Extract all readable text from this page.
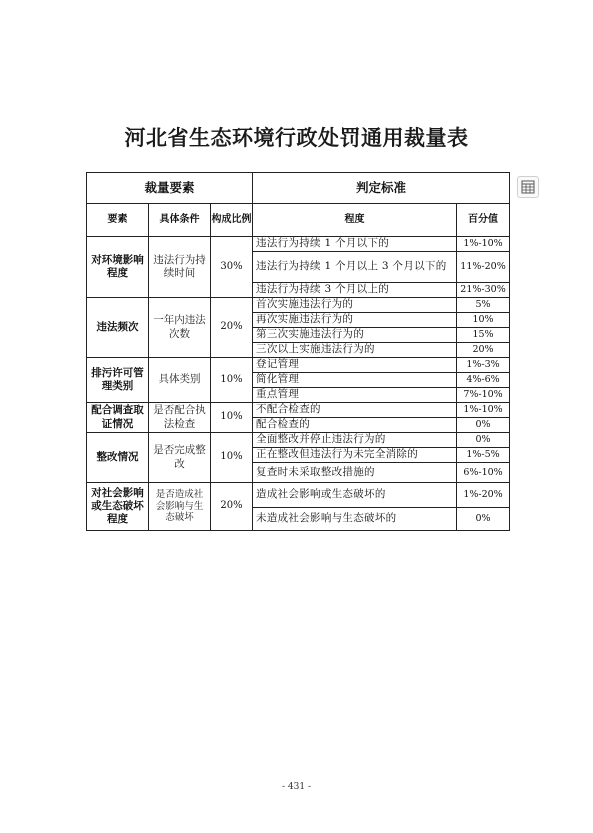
河北省生态环境行政处罚通用裁量表
裁量要素			判定标准	
要素	具体条件	构成比例	程度	百分值
对环境影响程度	违法行为持续时间	30%	违法行为持续 1 个月以下的	1%-10%
			违法行为持续 1 个月以上 3 个月以下的	11%-20%
			违法行为持续 3 个月以上的	21%-30%
违法频次	一年内违法次数	20%	首次实施违法行为的	5%
			再次实施违法行为的	10%
			第三次实施违法行为的	15%
			三次以上实施违法行为的	20%
排污许可管理类别	具体类别	10%	登记管理	1%-3%
			简化管理	4%-6%
			重点管理	7%-10%
配合调查取证情况	是否配合执法检查	10%	不配合检查的	1%-10%
			配合检查的	0%
整改情况	是否完成整改	10%	全面整改并停止违法行为的	0%
			正在整改但违法行为未完全消除的	1%-5%
			复查时未采取整改措施的	6%-10%
对社会影响或生态破坏程度	是否造成社会影响与生态破坏	20%	造成社会影响或生态破坏的	1%-20%
			未造成社会影响与生态破坏的	0%
- 431 -
